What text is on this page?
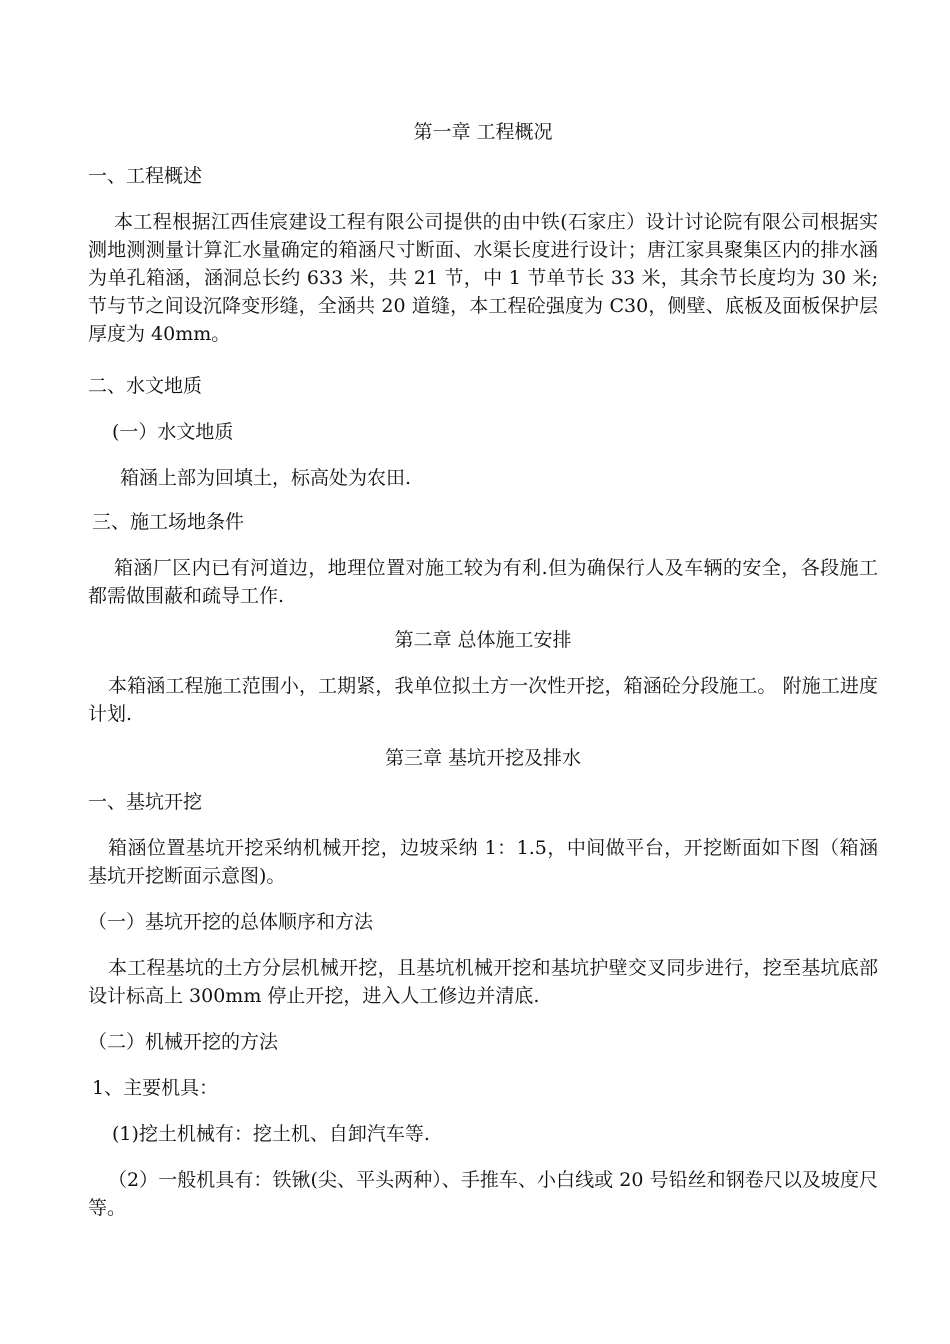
第一章 工程概况

一、工程概述

本工程根据江西佳宸建设工程有限公司提供的由中铁(石家庄）设计讨论院有限公司根据实测地测测量计算汇水量确定的箱涵尺寸断面、水渠长度进行设计；唐江家具聚集区内的排水涵为单孔箱涵，涵洞总长约 633 米，共 21 节，中 1 节单节长 33 米，其余节长度均为 30 米;节与节之间设沉降变形缝，全涵共 20 道缝，本工程砼强度为 C30，侧壁、底板及面板保护层厚度为 40mm。

二、水文地质

(一）水文地质

箱涵上部为回填土，标高处为农田.

三、施工场地条件

箱涵厂区内已有河道边，地理位置对施工较为有利.但为确保行人及车辆的安全，各段施工都需做围蔽和疏导工作.

第二章 总体施工安排

本箱涵工程施工范围小，工期紧，我单位拟土方一次性开挖，箱涵砼分段施工。 附施工进度计划.

第三章 基坑开挖及排水

一、基坑开挖

箱涵位置基坑开挖采纳机械开挖，边坡采纳 1：1.5，中间做平台，开挖断面如下图（箱涵基坑开挖断面示意图)。

（一）基坑开挖的总体顺序和方法

本工程基坑的土方分层机械开挖，且基坑机械开挖和基坑护壁交叉同步进行，挖至基坑底部设计标高上 300mm 停止开挖，进入人工修边并清底.

（二）机械开挖的方法

1、主要机具：

(1)挖土机械有：挖土机、自卸汽车等.

（2）一般机具有：铁锹(尖、平头两种）、手推车、小白线或 20 号铅丝和钢卷尺以及坡度尺等。
